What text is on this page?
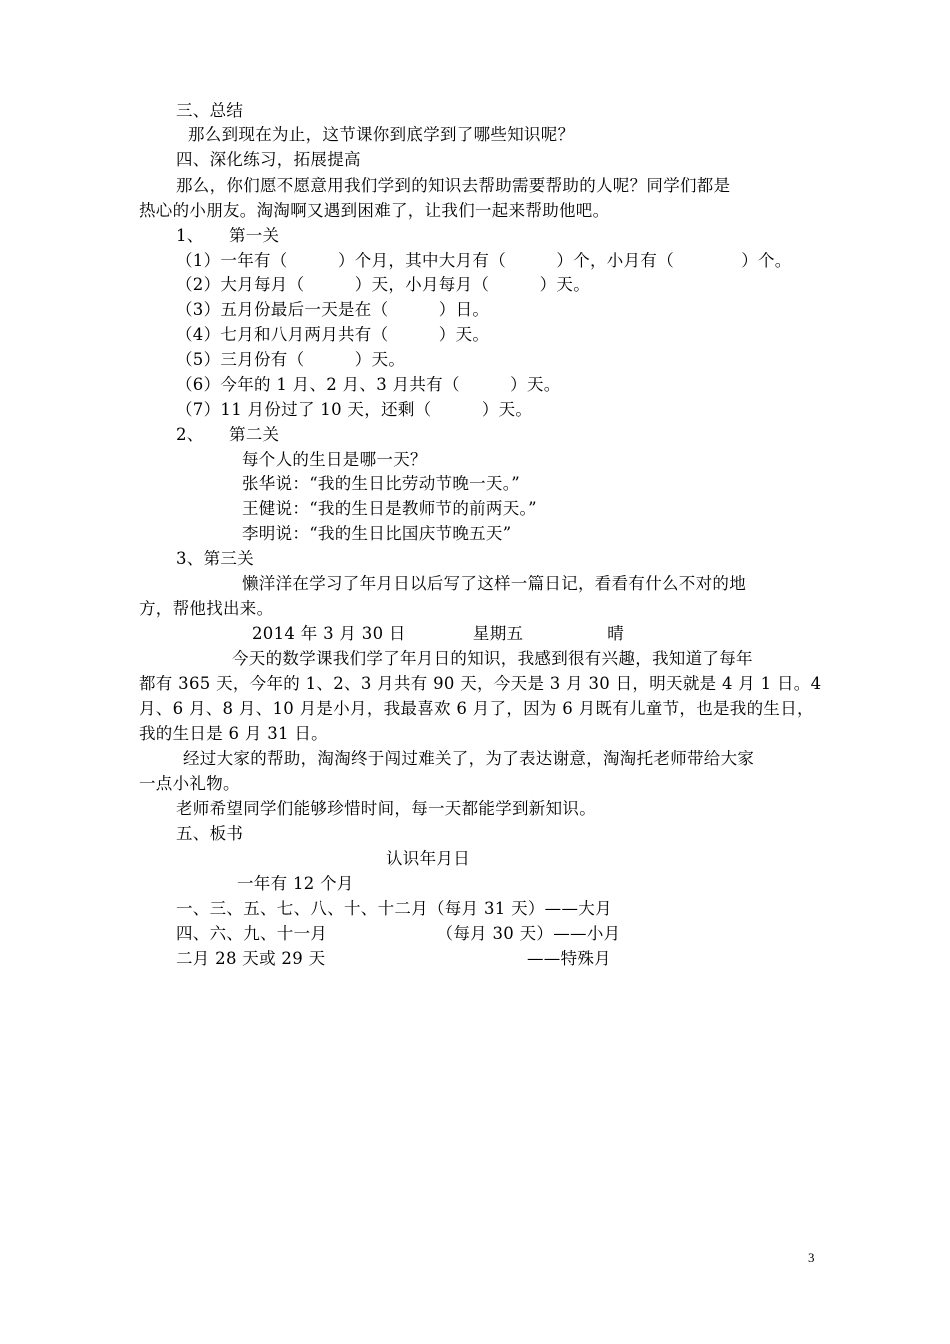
三、总结
那么到现在为止，这节课你到底学到了哪些知识呢？
四、深化练习，拓展提高
那么，你们愿不愿意用我们学到的知识去帮助需要帮助的人呢？同学们都是
热心的小朋友。淘淘啊又遇到困难了，让我们一起来帮助他吧。
1、　　第一关
（1）一年有（　　　）个月，其中大月有（　　　）个，小月有（　　　　）个。
（2）大月每月（　　　）天，小月每月（　　　）天。
（3）五月份最后一天是在（　　　）日。
（4）七月和八月两月共有（　　　）天。
（5）三月份有（　　　）天。
（6）今年的 1 月、2 月、3 月共有（　　　）天。
（7）11 月份过了 10 天，还剩（　　　）天。
2、　　第二关
每个人的生日是哪一天？
张华说：“我的生日比劳动节晚一天。”
王健说：“我的生日是教师节的前两天。”
李明说：“我的生日比国庆节晚五天”
3、第三关
懒洋洋在学习了年月日以后写了这样一篇日记，看看有什么不对的地
方，帮他找出来。
2014 年 3 月 30 日　　　　星期五　　　　　晴
今天的数学课我们学了年月日的知识，我感到很有兴趣，我知道了每年
都有 365 天，今年的 1、2、3 月共有 90 天，今天是 3 月 30 日，明天就是 4 月 1 日。4
月、6 月、8 月、10 月是小月，我最喜欢 6 月了，因为 6 月既有儿童节，也是我的生日，
我的生日是 6 月 31 日。
经过大家的帮助，淘淘终于闯过难关了，为了表达谢意，淘淘托老师带给大家
一点小礼物。
老师希望同学们能够珍惜时间，每一天都能学到新知识。
五、板书
认识年月日
一年有 12 个月
一、三、五、七、八、十、十二月（每月 31 天）——大月
四、六、九、十一月　　　　　　　（每月 30 天）——小月
二月 28 天或 29 天　　　　　　　　　　　　——特殊月
3
